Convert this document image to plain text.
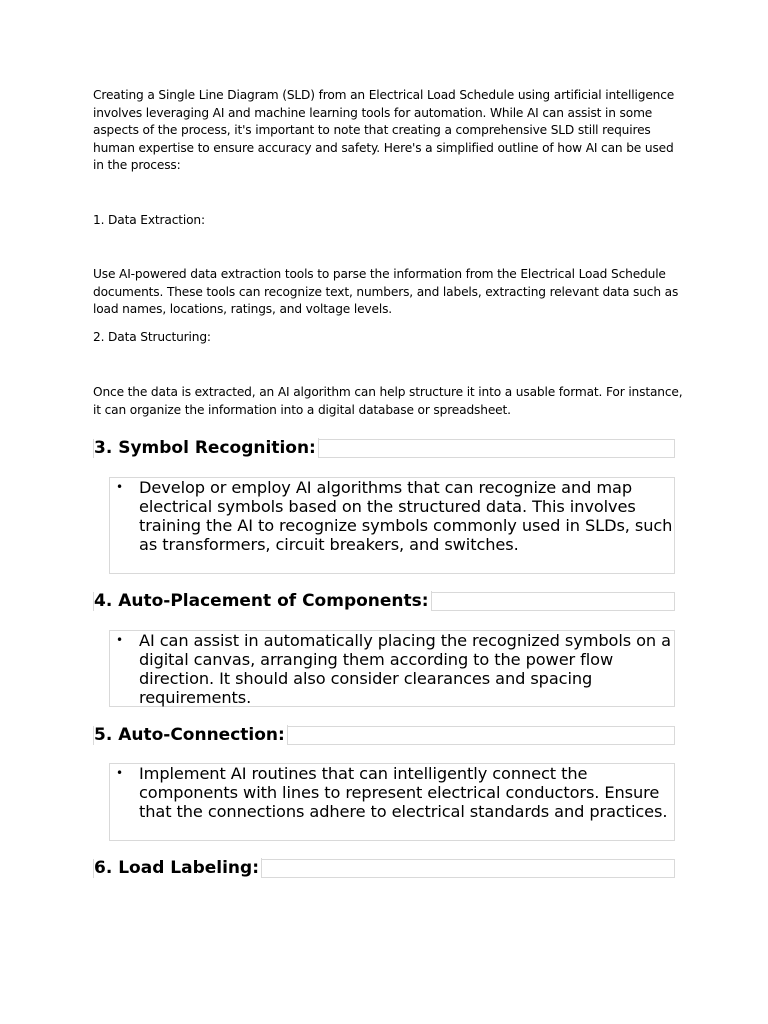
Creating a Single Line Diagram (SLD) from an Electrical Load Schedule using artificial intelligence involves leveraging AI and machine learning tools for automation. While AI can assist in some aspects of the process, it's important to note that creating a comprehensive SLD still requires human expertise to ensure accuracy and safety. Here's a simplified outline of how AI can be used in the process:

1. Data Extraction:

Use AI-powered data extraction tools to parse the information from the Electrical Load Schedule documents. These tools can recognize text, numbers, and labels, extracting relevant data such as load names, locations, ratings, and voltage levels.

2. Data Structuring:

Once the data is extracted, an AI algorithm can help structure it into a usable format. For instance, it can organize the information into a digital database or spreadsheet.

3. Symbol Recognition:
• Develop or employ AI algorithms that can recognize and map electrical symbols based on the structured data. This involves training the AI to recognize symbols commonly used in SLDs, such as transformers, circuit breakers, and switches.
4. Auto-Placement of Components:
• AI can assist in automatically placing the recognized symbols on a digital canvas, arranging them according to the power flow direction. It should also consider clearances and spacing requirements.
5. Auto-Connection:
• Implement AI routines that can intelligently connect the components with lines to represent electrical conductors. Ensure that the connections adhere to electrical standards and practices.
6. Load Labeling:
